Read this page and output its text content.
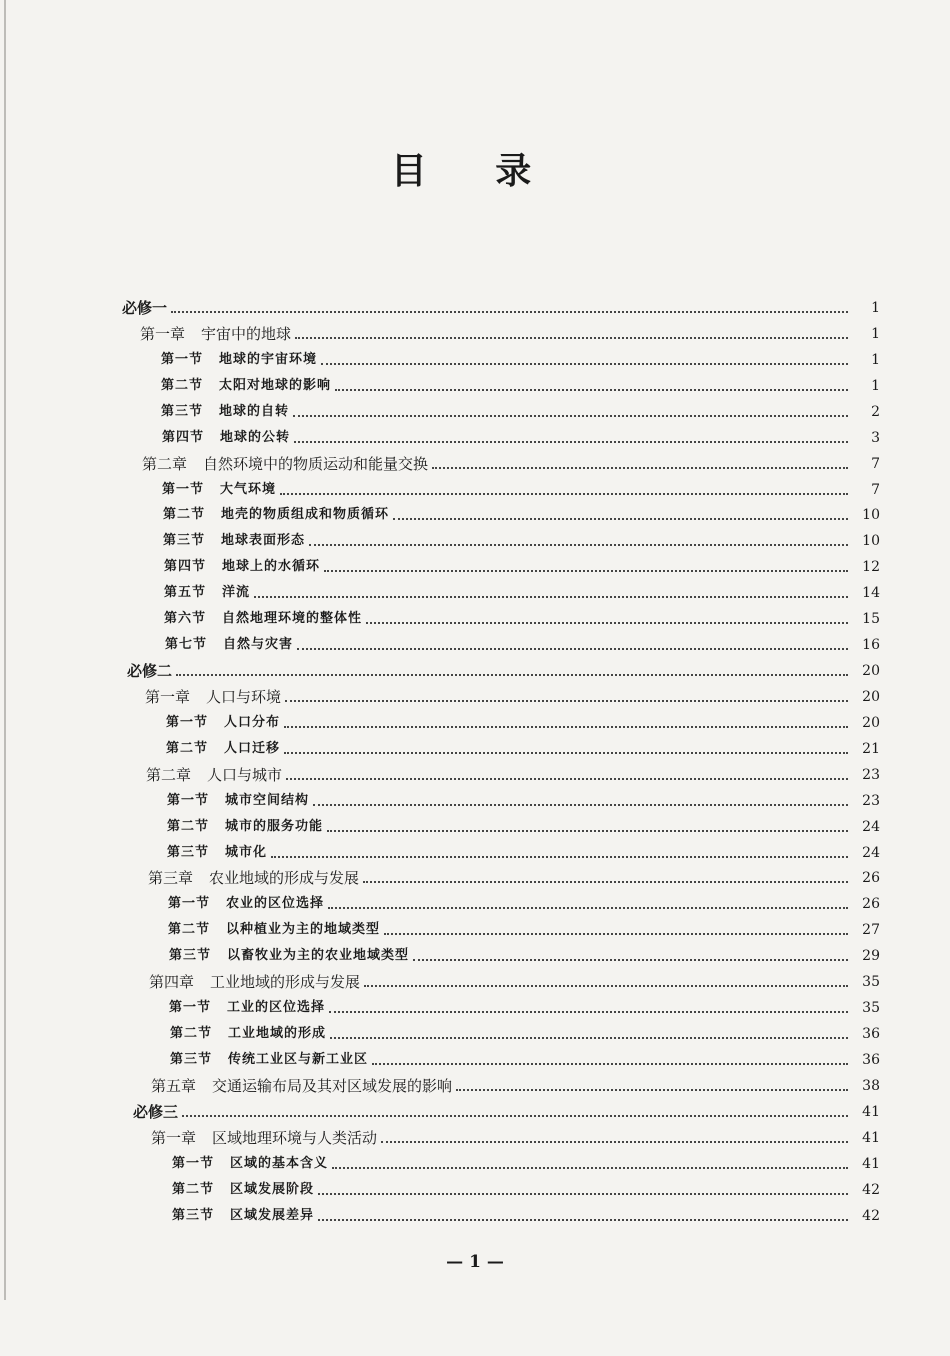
目 录
必修一	1
第一章 宇宙中的地球	1
第一节 地球的宇宙环境	1
第二节 太阳对地球的影响	1
第三节 地球的自转	2
第四节 地球的公转	3
第二章 自然环境中的物质运动和能量交换	7
第一节 大气环境	7
第二节 地壳的物质组成和物质循环	10
第三节 地球表面形态	10
第四节 地球上的水循环	12
第五节 洋流	14
第六节 自然地理环境的整体性	15
第七节 自然与灾害	16
必修二	20
第一章 人口与环境	20
第一节 人口分布	20
第二节 人口迁移	21
第二章 人口与城市	23
第一节 城市空间结构	23
第二节 城市的服务功能	24
第三节 城市化	24
第三章 农业地域的形成与发展	26
第一节 农业的区位选择	26
第二节 以种植业为主的地域类型	27
第三节 以畜牧业为主的农业地域类型	29
第四章 工业地域的形成与发展	35
第一节 工业的区位选择	35
第二节 工业地域的形成	36
第三节 传统工业区与新工业区	36
第五章 交通运输布局及其对区域发展的影响	38
必修三	41
第一章 区域地理环境与人类活动	41
第一节 区域的基本含义	41
第二节 区域发展阶段	42
第三节 区域发展差异	42
— 1 —
